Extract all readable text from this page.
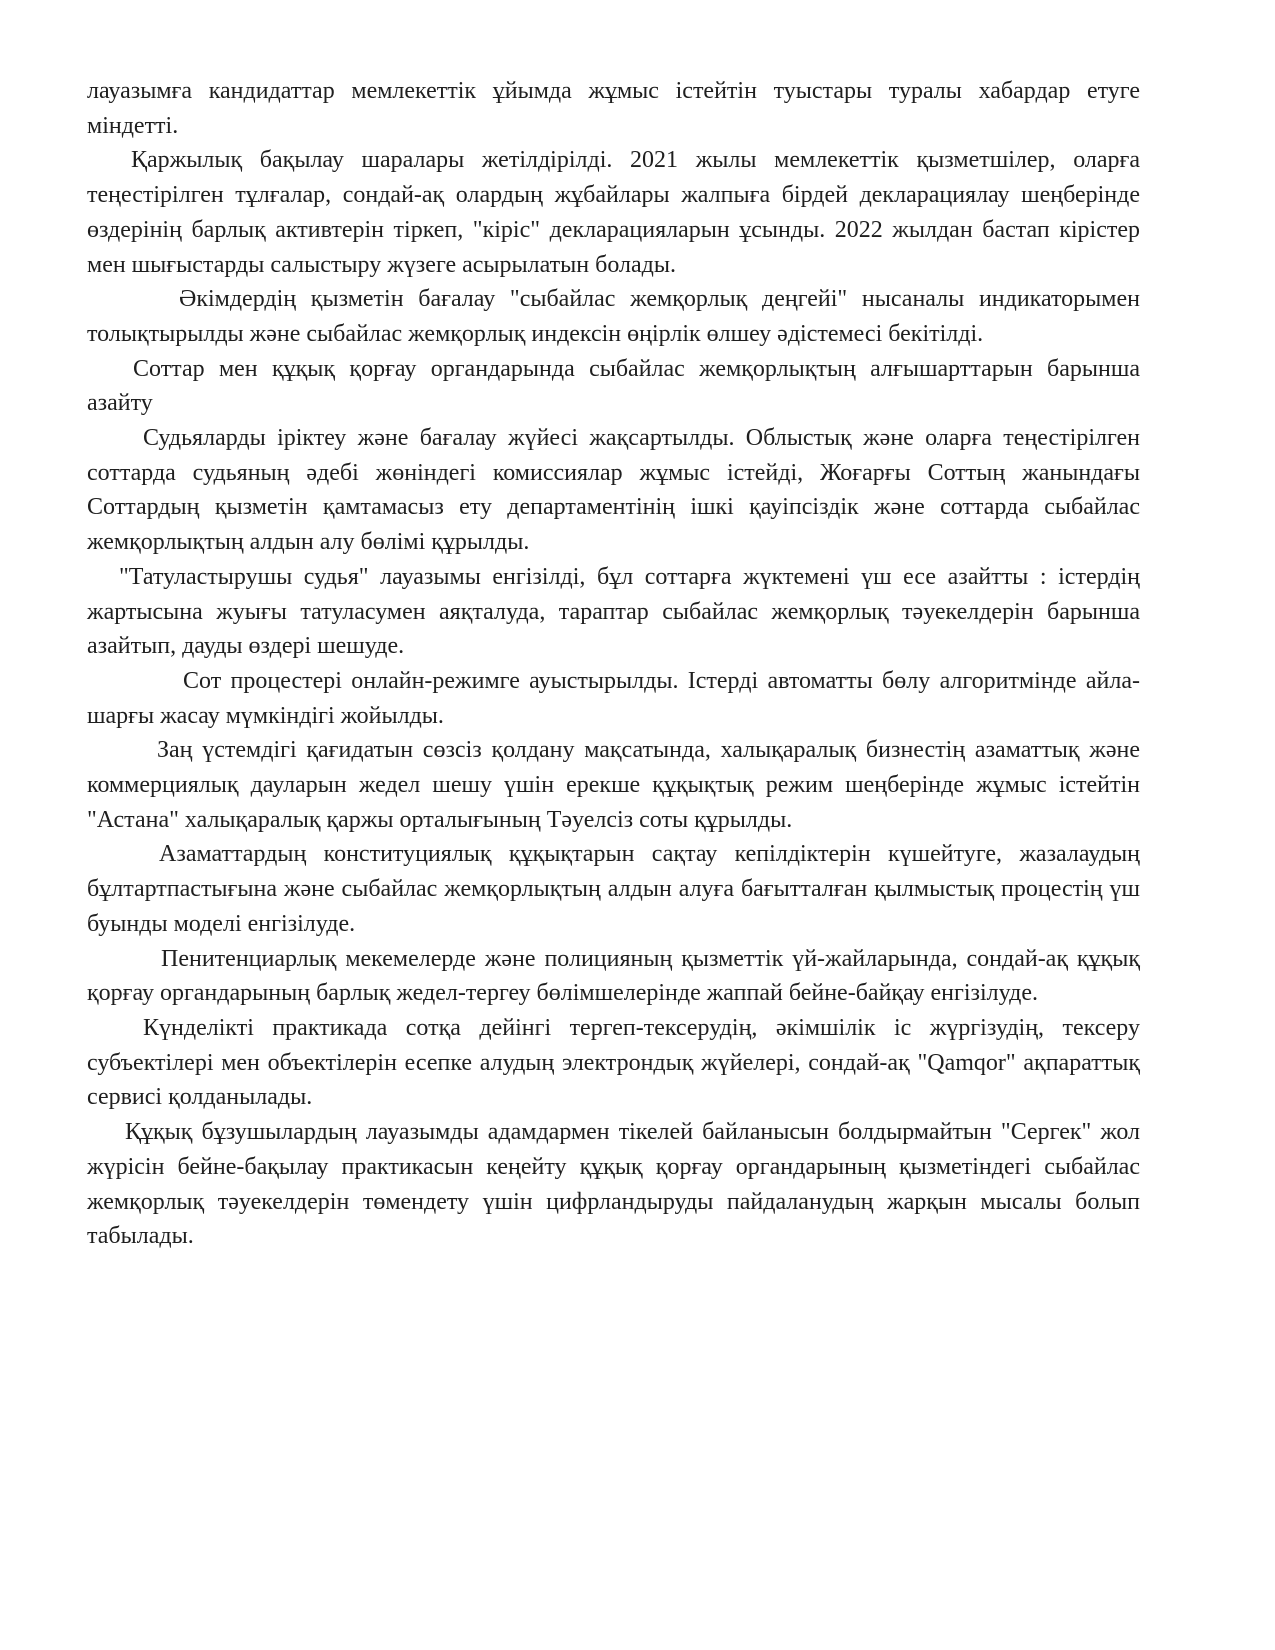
лауазымға кандидаттар мемлекеттік ұйымда жұмыс істейтін туыстары туралы хабардар етуге міндетті.

Қаржылық бақылау шаралары жетілдірілді. 2021 жылы мемлекеттік қызметшілер, оларға теңестірілген тұлғалар, сондай-ақ олардың жұбайлары жалпыға бірдей декларациялау шеңберінде өздерінің барлық активтерін тіркеп, "кіріс" декларацияларын ұсынды. 2022 жылдан бастап кірістер мен шығыстарды салыстыру жүзеге асырылатын болады.

Әкімдердің қызметін бағалау "сыбайлас жемқорлық деңгейі" нысаналы индикаторымен толықтырылды және сыбайлас жемқорлық индексін өңірлік өлшеу әдістемесі бекітілді.

Соттар мен құқық қорғау органдарында сыбайлас жемқорлықтың алғышарттарын барынша азайту

Судьяларды іріктеу және бағалау жүйесі жақсартылды. Облыстық және оларға теңестірілген соттарда судьяның әдебі жөніндегі комиссиялар жұмыс істейді, Жоғарғы Соттың жанындағы Соттардың қызметін қамтамасыз ету департаментінің ішкі қауіпсіздік және соттарда сыбайлас жемқорлықтың алдын алу бөлімі құрылды.

"Татуластырушы судья" лауазымы енгізілді, бұл соттарға жүктемені үш есе азайтты : істердің жартысына жуығы татуласумен аяқталуда, тараптар сыбайлас жемқорлық тәуекелдерін барынша азайтып, дауды өздері шешуде.

Сот процестері онлайн-режимге ауыстырылды. Істерді автоматты бөлу алгоритмінде айла-шарғы жасау мүмкіндігі жойылды.

Заң үстемдігі қағидатын сөзсіз қолдану мақсатында, халықаралық бизнестің азаматтық және коммерциялық дауларын жедел шешу үшін ерекше құқықтық режим шеңберінде жұмыс істейтін "Астана" халықаралық қаржы орталығының Тәуелсіз соты құрылды.

Азаматтардың конституциялық құқықтарын сақтау кепілдіктерін күшейтуге, жазалаудың бұлтартпастығына және сыбайлас жемқорлықтың алдын алуға бағытталған қылмыстық процестің үш буынды моделі енгізілуде.

Пенитенциарлық мекемелерде және полицияның қызметтік үй-жайларында, сондай-ақ құқық қорғау органдарының барлық жедел-тергеу бөлімшелерінде жаппай бейне-байқау енгізілуде.

Күнделікті практикада сотқа дейінгі тергеп-тексерудің, әкімшілік іс жүргізудің, тексеру субъектілері мен объектілерін есепке алудың электрондық жүйелері, сондай-ақ "Qamqor" ақпараттық сервисі қолданылады.

Құқық бұзушылардың лауазымды адамдармен тікелей байланысын болдырмайтын "Сергек" жол жүрісін бейне-бақылау практикасын кеңейту құқық қорғау органдарының қызметіндегі сыбайлас жемқорлық тәуекелдерін төмендету үшін цифрландыруды пайдаланудың жарқын мысалы болып табылады.
